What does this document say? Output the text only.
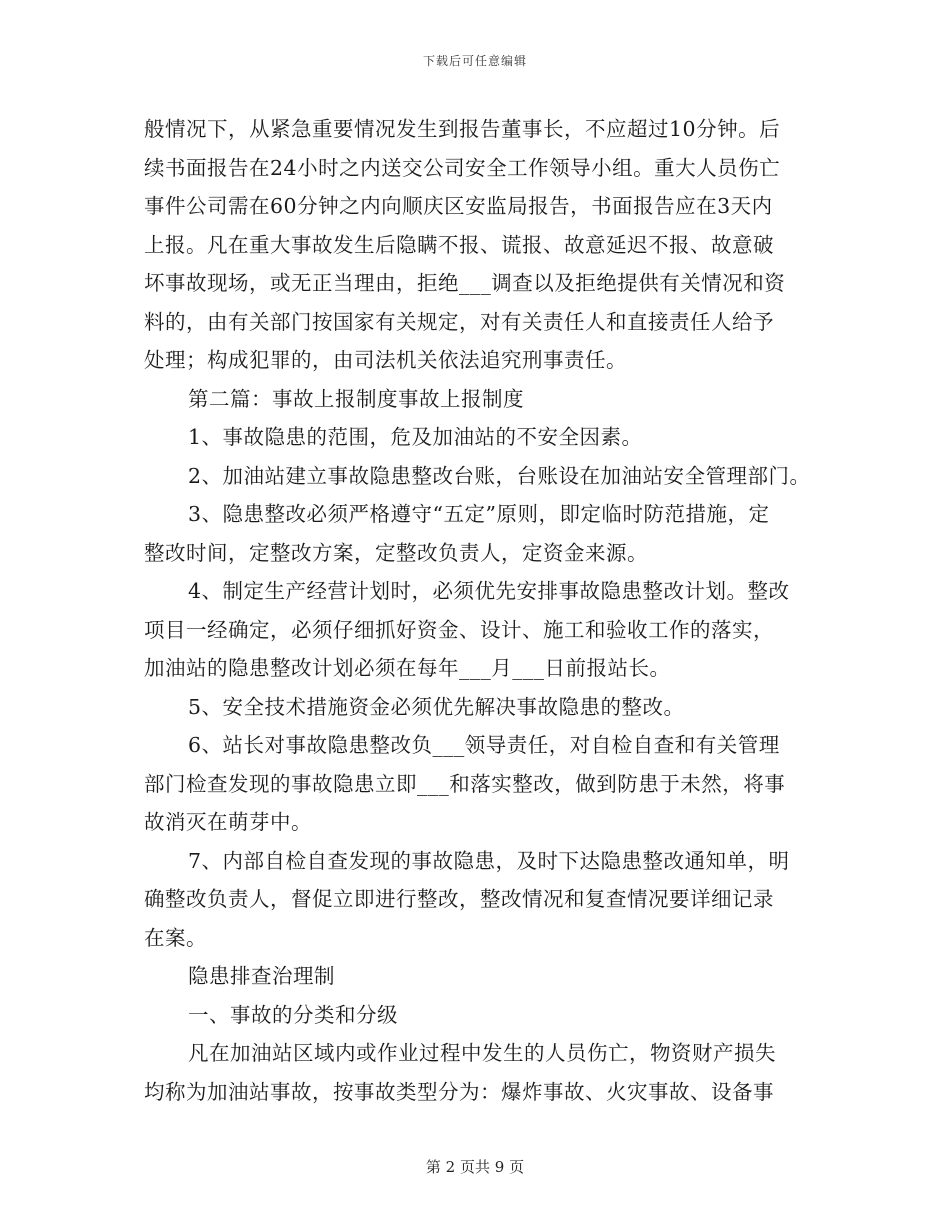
下载后可任意编辑
般情况下，从紧急重要情况发生到报告董事长，不应超过10分钟。后
续书面报告在24小时之内送交公司安全工作领导小组。重大人员伤亡
事件公司需在60分钟之内向顺庆区安监局报告，书面报告应在3天内
上报。凡在重大事故发生后隐瞒不报、谎报、故意延迟不报、故意破
坏事故现场，或无正当理由，拒绝___调查以及拒绝提供有关情况和资
料的，由有关部门按国家有关规定，对有关责任人和直接责任人给予
处理；构成犯罪的，由司法机关依法追究刑事责任。
第二篇：事故上报制度事故上报制度
1、事故隐患的范围，危及加油站的不安全因素。
2、加油站建立事故隐患整改台账，台账设在加油站安全管理部门。
3、隐患整改必须严格遵守“五定”原则，即定临时防范措施，定
整改时间，定整改方案，定整改负责人，定资金来源。
4、制定生产经营计划时，必须优先安排事故隐患整改计划。整改
项目一经确定，必须仔细抓好资金、设计、施工和验收工作的落实，
加油站的隐患整改计划必须在每年___月___日前报站长。
5、安全技术措施资金必须优先解决事故隐患的整改。
6、站长对事故隐患整改负___领导责任，对自检自查和有关管理
部门检查发现的事故隐患立即___和落实整改，做到防患于未然，将事
故消灭在萌芽中。
7、内部自检自查发现的事故隐患，及时下达隐患整改通知单，明
确整改负责人，督促立即进行整改，整改情况和复查情况要详细记录
在案。
隐患排查治理制
一、事故的分类和分级
凡在加油站区域内或作业过程中发生的人员伤亡，物资财产损失
均称为加油站事故，按事故类型分为：爆炸事故、火灾事故、设备事
第 2 页共 9 页
